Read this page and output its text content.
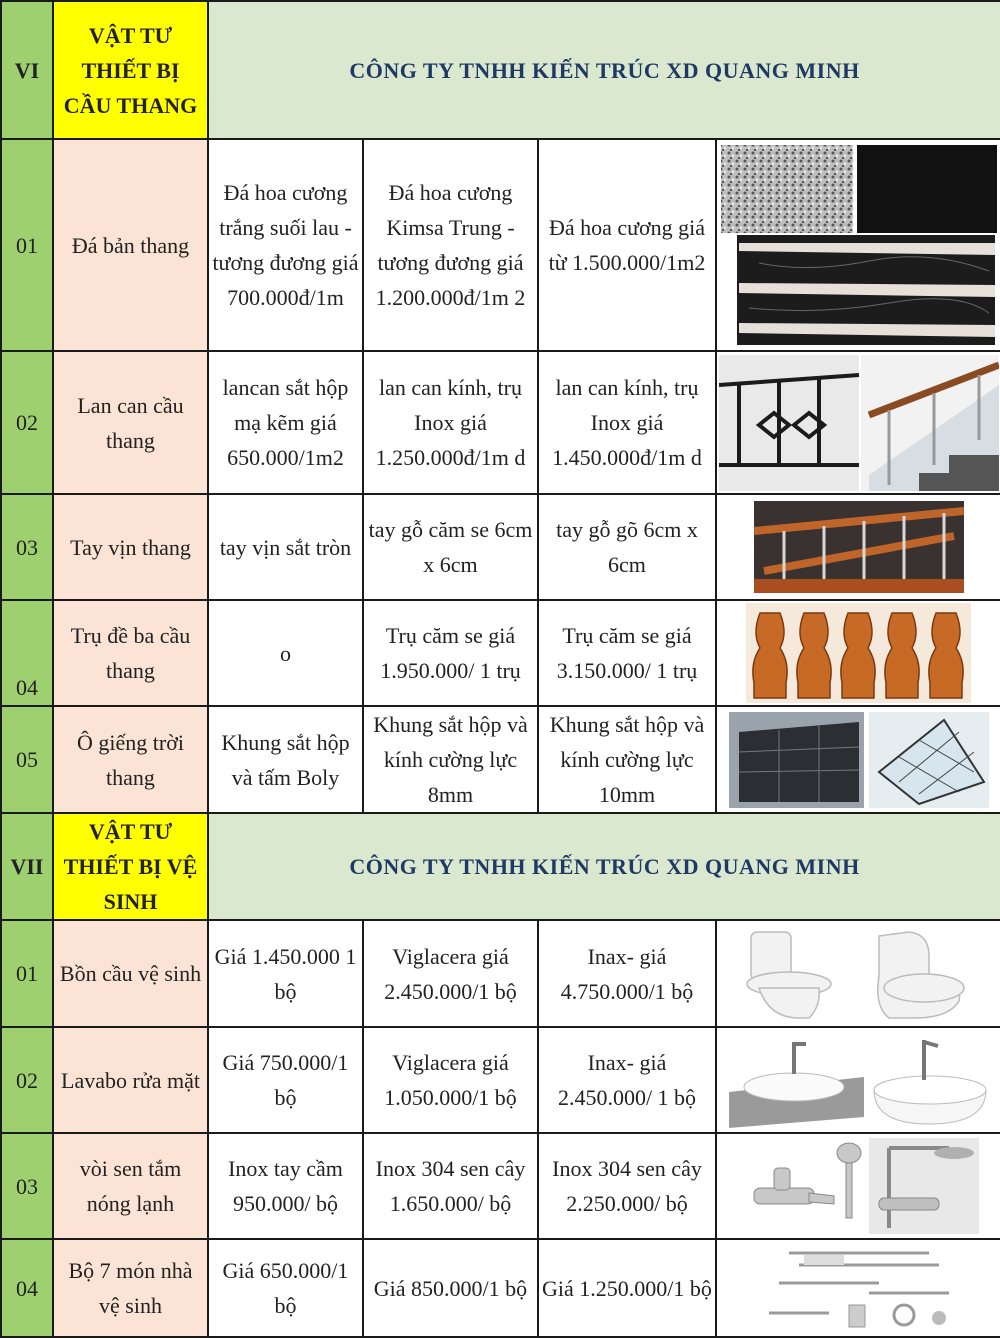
VI	VẬT TƯ THIẾT BỊ CẦU THANG	CÔNG TY TNHH KIẾN TRÚC XD QUANG MINH			
01	Đá bản thang	Đá hoa cương trắng suối lau - tương đương giá 700.000đ/1m	Đá hoa cương Kimsa Trung - tương đương giá 1.200.000đ/1m 2	Đá hoa cương giá từ 1.500.000/1m2	

02	Lan can cầu thang	lancan sắt hộp mạ kẽm giá 650.000/1m2	lan can kính, trụ Inox giá 1.250.000đ/1m d	lan can kính, trụ Inox giá 1.450.000đ/1m d	

03	Tay vịn thang	tay vịn sắt tròn	tay gỗ căm se 6cm x 6cm	tay gỗ gõ 6cm x 6cm	

04	Trụ đề ba cầu thang	o	Trụ căm se giá 1.950.000/ 1 trụ	Trụ căm se giá 3.150.000/ 1 trụ	

05	Ô giếng trời thang	Khung sắt hộp và tấm Boly	Khung sắt hộp và kính cường lực 8mm	Khung sắt hộp và kính cường lực 10mm	

VII	VẬT TƯ THIẾT BỊ VỆ SINH	CÔNG TY TNHH KIẾN TRÚC XD QUANG MINH			
01	Bồn cầu vệ sinh	Giá 1.450.000 1 bộ	Viglacera giá 2.450.000/1 bộ	Inax- giá 4.750.000/1 bộ	

02	Lavabo rửa mặt	Giá 750.000/1 bộ	Viglacera giá 1.050.000/1 bộ	Inax- giá 2.450.000/ 1 bộ	

03	vòi sen tắm nóng lạnh	Inox tay cầm 950.000/ bộ	Inox 304 sen cây 1.650.000/ bộ	Inox 304 sen cây 2.250.000/ bộ	

04	Bộ 7 món nhà vệ sinh	Giá 650.000/1 bộ	Giá 850.000/1 bộ	Giá 1.250.000/1 bộ	
